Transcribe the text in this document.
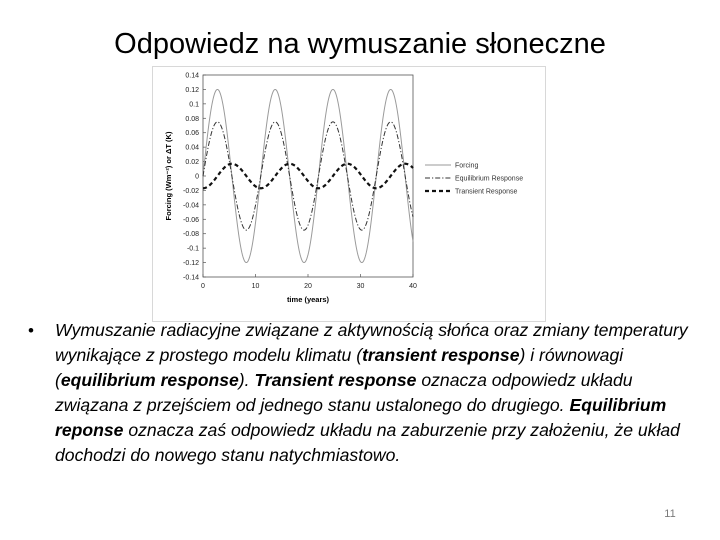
Odpowiedz na wymuszanie słoneczne
0.14
0.12
0.1
0.08
0.06
0.04
0.02
0
-0.02
-0.04
-0.06
-0.08
-0.1
-0.12
-0.14
0	10	20	30	40
Forcing
Equilibrium Response
Transient Response
time (years)
Forcing (Wm⁻²) or ΔT (K)
• Wymuszanie radiacyjne związane z aktywnością słońca oraz zmiany temperatury wynikające z prostego modelu klimatu (transient response) i równowagi (equilibrium response). Transient response oznacza odpowiedz układu związana z przejściem od jednego stanu ustalonego do drugiego. Equilibrium reponse oznacza zaś odpowiedz układu na zaburzenie przy założeniu, że układ dochodzi do nowego stanu natychmiastowo.
11
